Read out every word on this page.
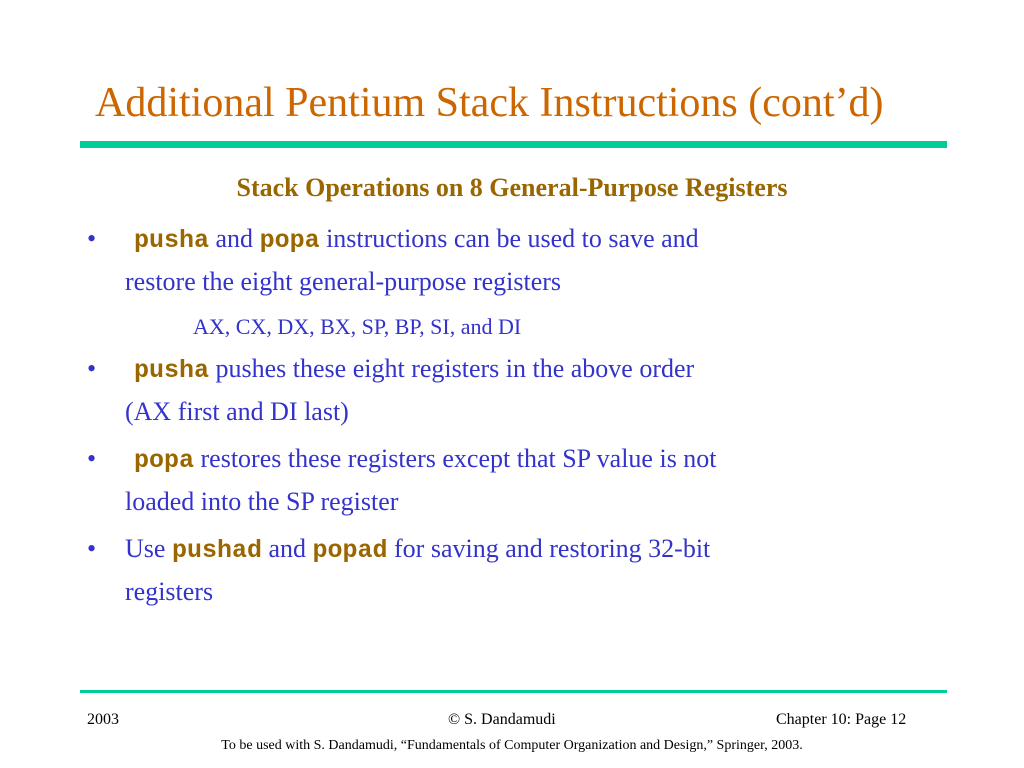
Additional Pentium Stack Instructions (cont’d)
Stack Operations on 8 General-Purpose Registers
• pusha and popa instructions can be used to save and
restore the eight general-purpose registers
AX, CX, DX, BX, SP, BP, SI, and DI
• pusha pushes these eight registers in the above order
(AX first and DI last)
• popa restores these registers except that SP value is not
loaded into the SP register
• Use pushad and popad for saving and restoring 32-bit
registers
2003	© S. Dandamudi	Chapter 10: Page 12
To be used with S. Dandamudi, “Fundamentals of Computer Organization and Design,” Springer, 2003.
